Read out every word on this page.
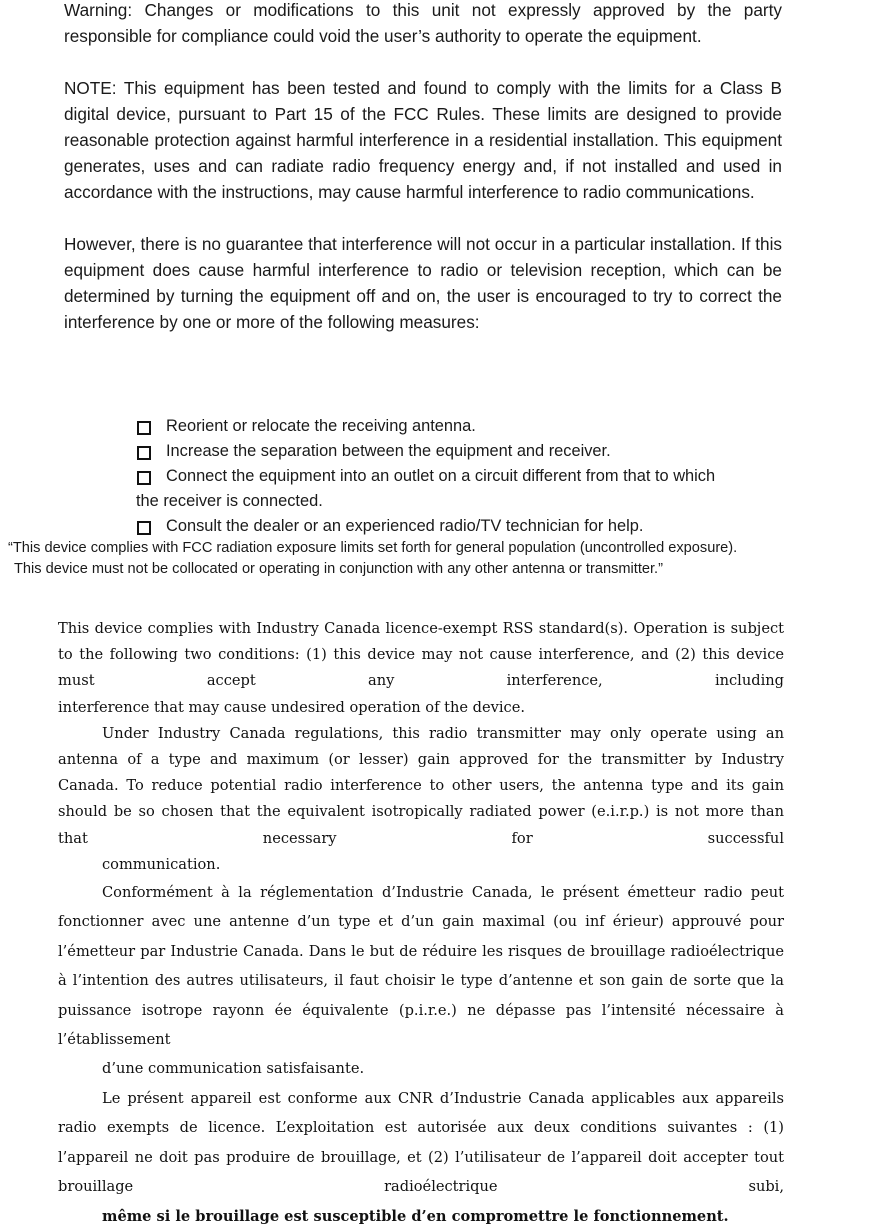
Warning: Changes or modifications to this unit not expressly approved by the party responsible for compliance could void the user’s authority to operate the equipment.

NOTE: This equipment has been tested and found to comply with the limits for a Class B digital device, pursuant to Part 15 of the FCC Rules. These limits are designed to provide reasonable protection against harmful interference in a residential installation. This equipment generates, uses and can radiate radio frequency energy and, if not installed and used in accordance with the instructions, may cause harmful interference to radio communications.

However, there is no guarantee that interference will not occur in a particular installation. If this equipment does cause harmful interference to radio or television reception, which can be determined by turning the equipment off and on, the user is encouraged to try to correct the interference by one or more of the following measures:

Reorient or relocate the receiving antenna.
Increase the separation between the equipment and receiver.
Connect the equipment into an outlet on a circuit different from that to which
the receiver is connected.
Consult the dealer or an experienced radio/TV technician for help.
“This device complies with FCC radiation exposure limits set forth for general population (uncontrolled exposure).
This device must not be collocated or operating in conjunction with any other antenna or transmitter.”

This device complies with Industry Canada licence-exempt RSS standard(s). Operation is subject to the following two conditions: (1) this device may not cause interference, and (2) this device must accept any interference, including
interference that may cause undesired operation of the device.

Under Industry Canada regulations, this radio transmitter may only operate using an antenna of a type and maximum (or lesser) gain approved for the transmitter by Industry Canada. To reduce potential radio interference to other users, the antenna type and its gain should be so chosen that the equivalent isotropically radiated power (e.i.r.p.) is not more than that necessary for successful
communication.

Conformément à la réglementation d’Industrie Canada, le présent émetteur radio peut fonctionner avec une antenne d’un type et d’un gain maximal (ou inf érieur) approuvé pour l’émetteur par Industrie Canada. Dans le but de réduire les risques de brouillage radioélectrique à l’intention des autres utilisateurs, il faut choisir le type d’antenne et son gain de sorte que la puissance isotrope rayonn ée équivalente (p.i.r.e.) ne dépasse pas l’intensité nécessaire à l’établissement
d’une communication satisfaisante.

Le présent appareil est conforme aux CNR d’Industrie Canada applicables aux appareils radio exempts de licence. L’exploitation est autorisée aux deux conditions suivantes : (1) l’appareil ne doit pas produire de brouillage, et (2) l’utilisateur de l’appareil doit accepter tout brouillage radioélectrique subi,
même si le brouillage est susceptible d’en compromettre le fonctionnement.
